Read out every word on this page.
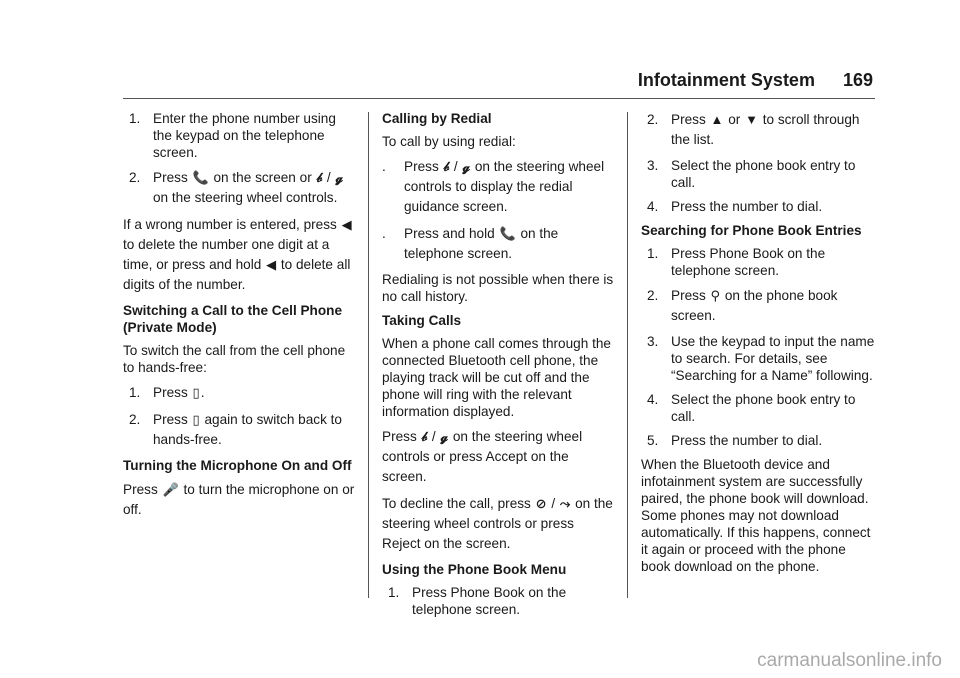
Infotainment System 169
1. Enter the phone number using the keypad on the telephone screen.
2. Press 📞 on the screen or 𝒷 / 𝓰 on the steering wheel controls.

If a wrong number is entered, press ◀ to delete the number one digit at a time, or press and hold ◀ to delete all digits of the number.

Switching a Call to the Cell Phone (Private Mode)

To switch the call from the cell phone to hands-free:

1. Press ▯.
2. Press ▯ again to switch back to hands-free.

Turning the Microphone On and Off

Press 🎤 to turn the microphone on or off.

Calling by Redial

To call by using redial:

.	Press 𝒷 / 𝓰 on the steering wheel controls to display the redial guidance screen.
.	Press and hold 📞 on the telephone screen.

Redialing is not possible when there is no call history.

Taking Calls

When a phone call comes through the connected Bluetooth cell phone, the playing track will be cut off and the phone will ring with the relevant information displayed.

Press 𝒷 / 𝓰 on the steering wheel controls or press Accept on the screen.

To decline the call, press ⊘ / ⤳ on the steering wheel controls or press Reject on the screen.

Using the Phone Book Menu

1. Press Phone Book on the telephone screen.
2. Press ▲ or ▼ to scroll through the list.
3. Select the phone book entry to call.
4. Press the number to dial.

Searching for Phone Book Entries

1. Press Phone Book on the telephone screen.
2. Press ⚲ on the phone book screen.
3. Use the keypad to input the name to search. For details, see “Searching for a Name” following.
4. Select the phone book entry to call.
5. Press the number to dial.

When the Bluetooth device and infotainment system are successfully paired, the phone book will download. Some phones may not download automatically. If this happens, connect it again or proceed with the phone book download on the phone.

carmanualsonline.info
